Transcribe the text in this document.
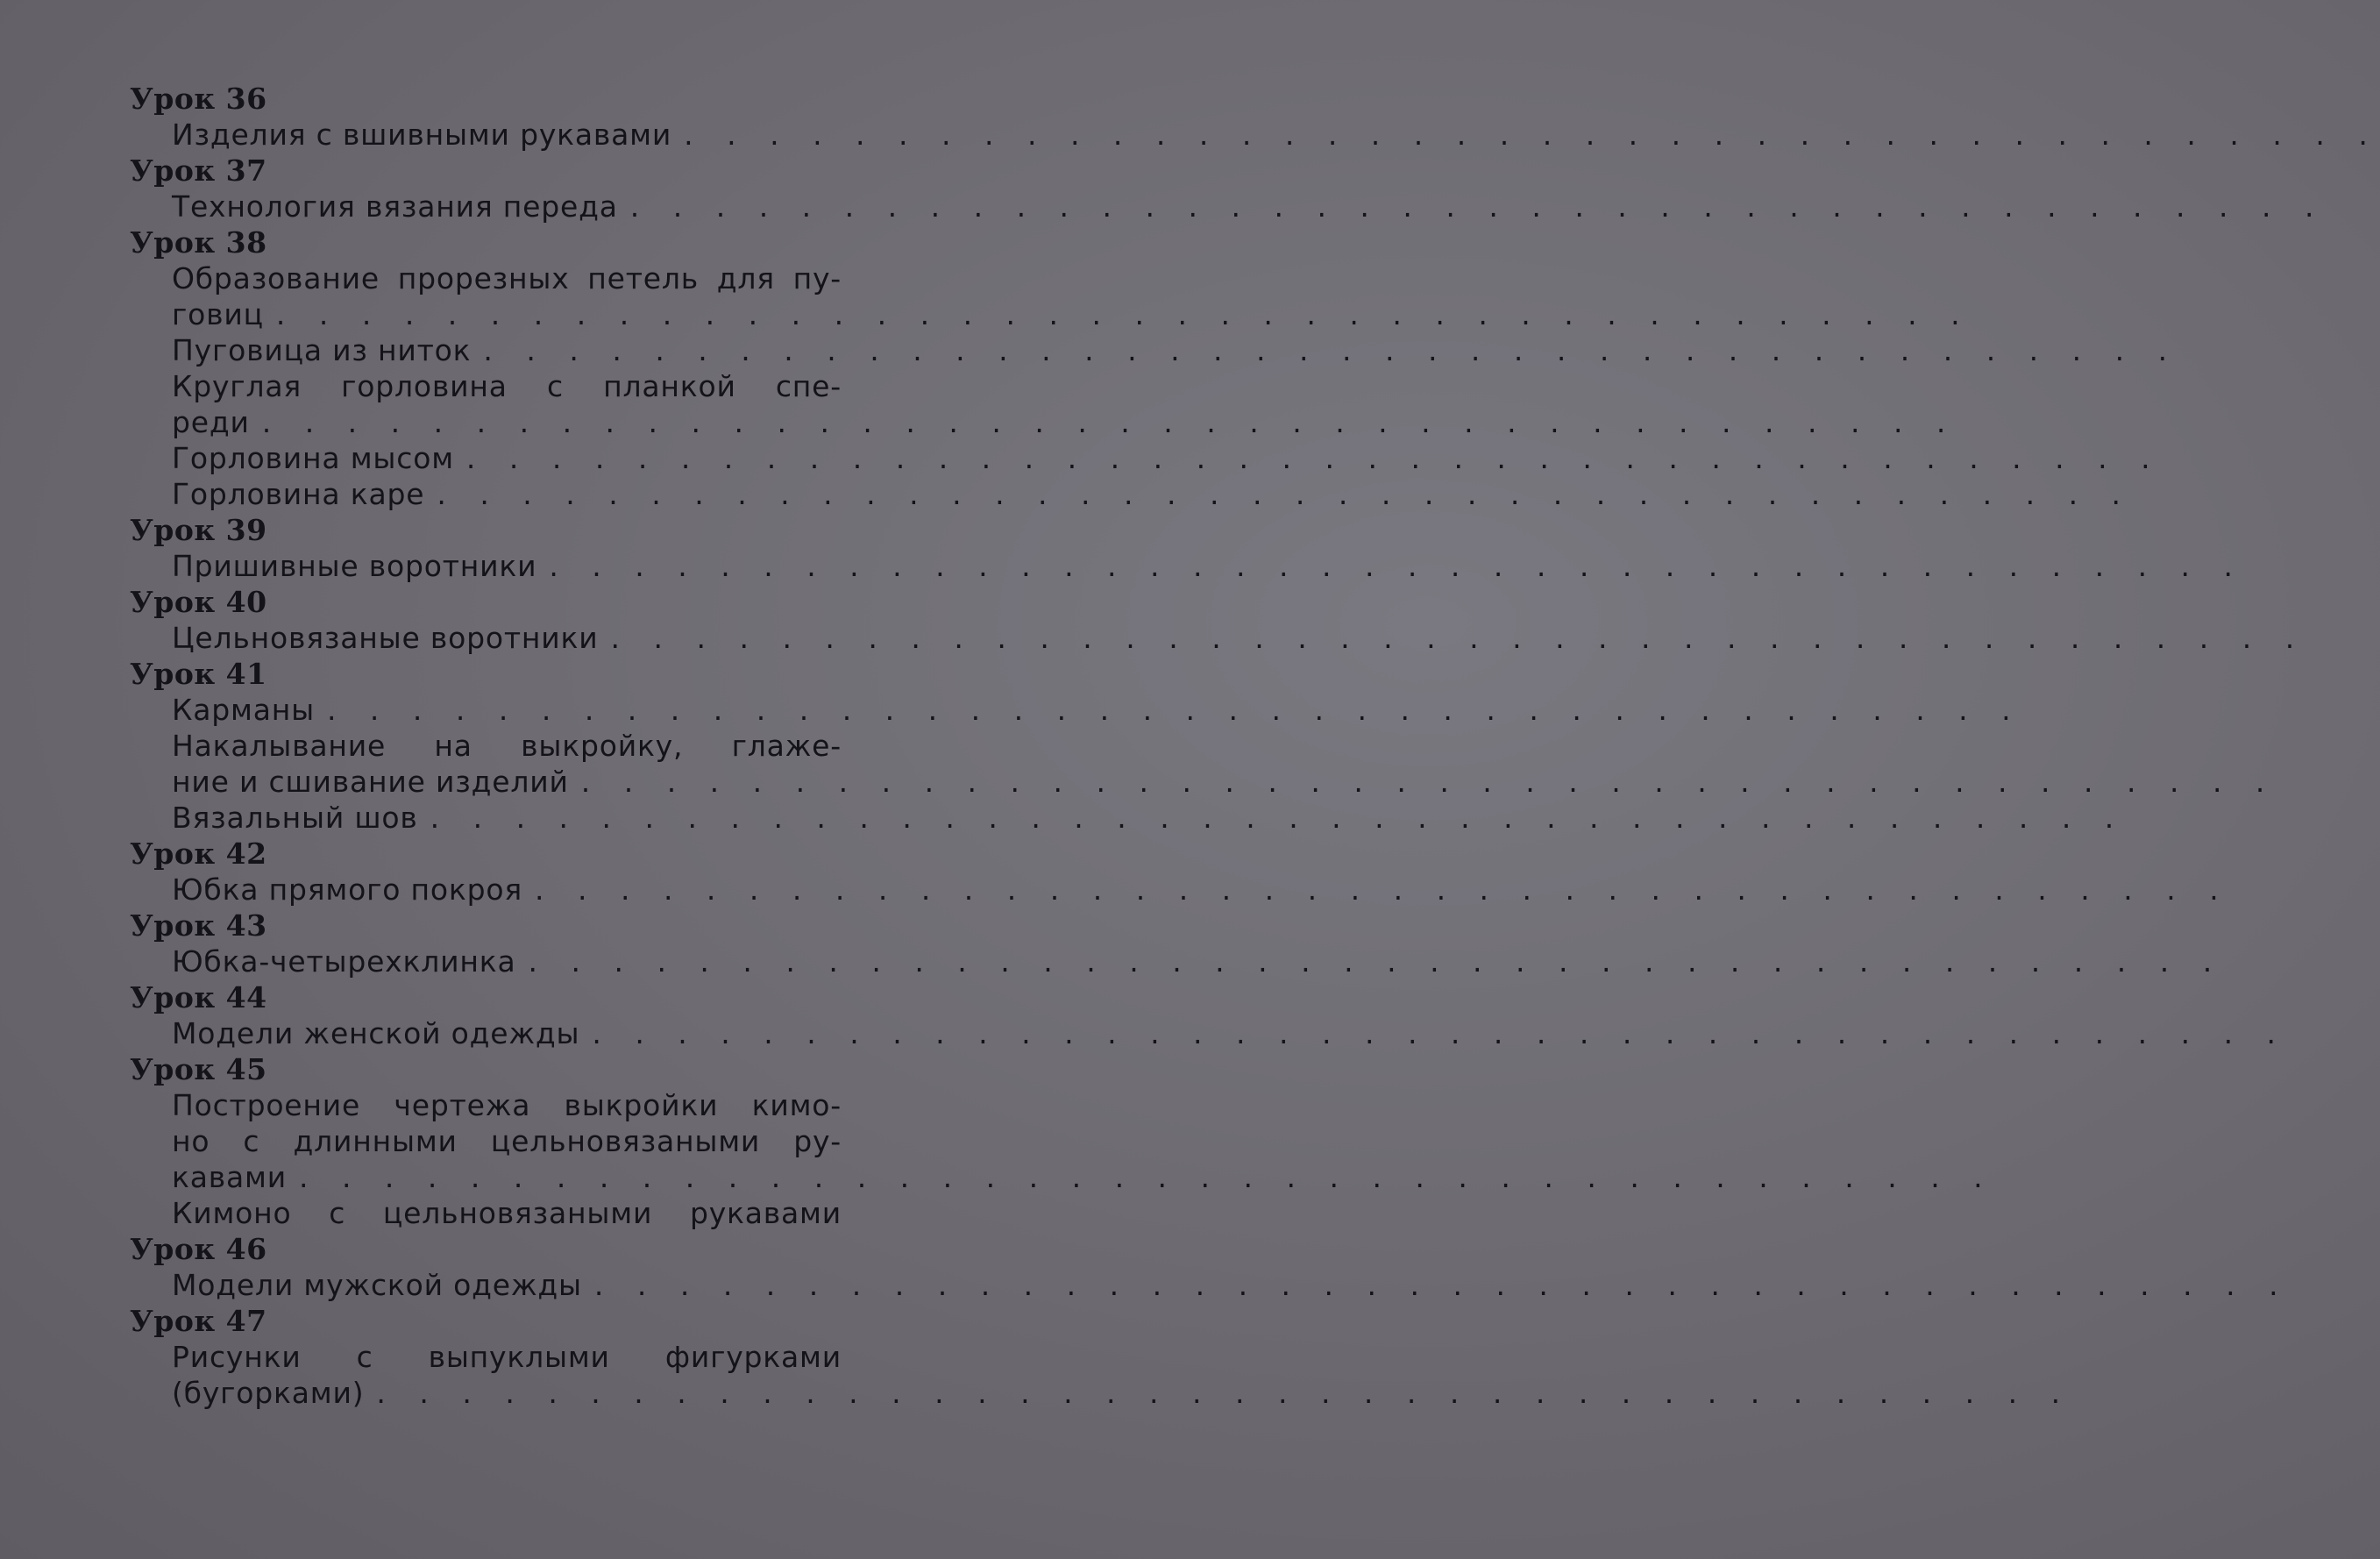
Урок 36
Изделия с вшивными рукавами . . . . . . . . . . . . . . . . . . . . . . . . . . . . . . . . . . . . . . . .
Урок 37
Технология вязания переда . . . . . . . . . . . . . . . . . . . . . . . . . . . . . . . . . . . . . . . .
Урок 38
Образование прорезных петель для пу-
говиц . . . . . . . . . . . . . . . . . . . . . . . . . . . . . . . . . . . . . . . .
Пуговица из ниток . . . . . . . . . . . . . . . . . . . . . . . . . . . . . . . . . . . . . . . .
Круглая горловина с планкой спе-
реди . . . . . . . . . . . . . . . . . . . . . . . . . . . . . . . . . . . . . . . .
Горловина мысом . . . . . . . . . . . . . . . . . . . . . . . . . . . . . . . . . . . . . . . .
Горловина каре . . . . . . . . . . . . . . . . . . . . . . . . . . . . . . . . . . . . . . . .
Урок 39
Пришивные воротники . . . . . . . . . . . . . . . . . . . . . . . . . . . . . . . . . . . . . . . .
Урок 40
Цельновязаные воротники . . . . . . . . . . . . . . . . . . . . . . . . . . . . . . . . . . . . . . . .
Урок 41
Карманы . . . . . . . . . . . . . . . . . . . . . . . . . . . . . . . . . . . . . . . .
Накалывание на выкройку, глаже-
ние и сшивание изделий . . . . . . . . . . . . . . . . . . . . . . . . . . . . . . . . . . . . . . . .
Вязальный шов . . . . . . . . . . . . . . . . . . . . . . . . . . . . . . . . . . . . . . . .
Урок 42
Юбка прямого покроя . . . . . . . . . . . . . . . . . . . . . . . . . . . . . . . . . . . . . . . .
Урок 43
Юбка-четырехклинка . . . . . . . . . . . . . . . . . . . . . . . . . . . . . . . . . . . . . . . .
Урок 44
Модели женской одежды . . . . . . . . . . . . . . . . . . . . . . . . . . . . . . . . . . . . . . . .
Урок 45
Построение чертежа выкройки кимо-
но с длинными цельновязаными ру-
кавами . . . . . . . . . . . . . . . . . . . . . . . . . . . . . . . . . . . . . . . .
Кимоно с цельновязаными рукавами
Урок 46
Модели мужской одежды . . . . . . . . . . . . . . . . . . . . . . . . . . . . . . . . . . . . . . . .
Урок 47
Рисунки с выпуклыми фигурками
(бугорками) . . . . . . . . . . . . . . . . . . . . . . . . . . . . . . . . . . . . . . . .
